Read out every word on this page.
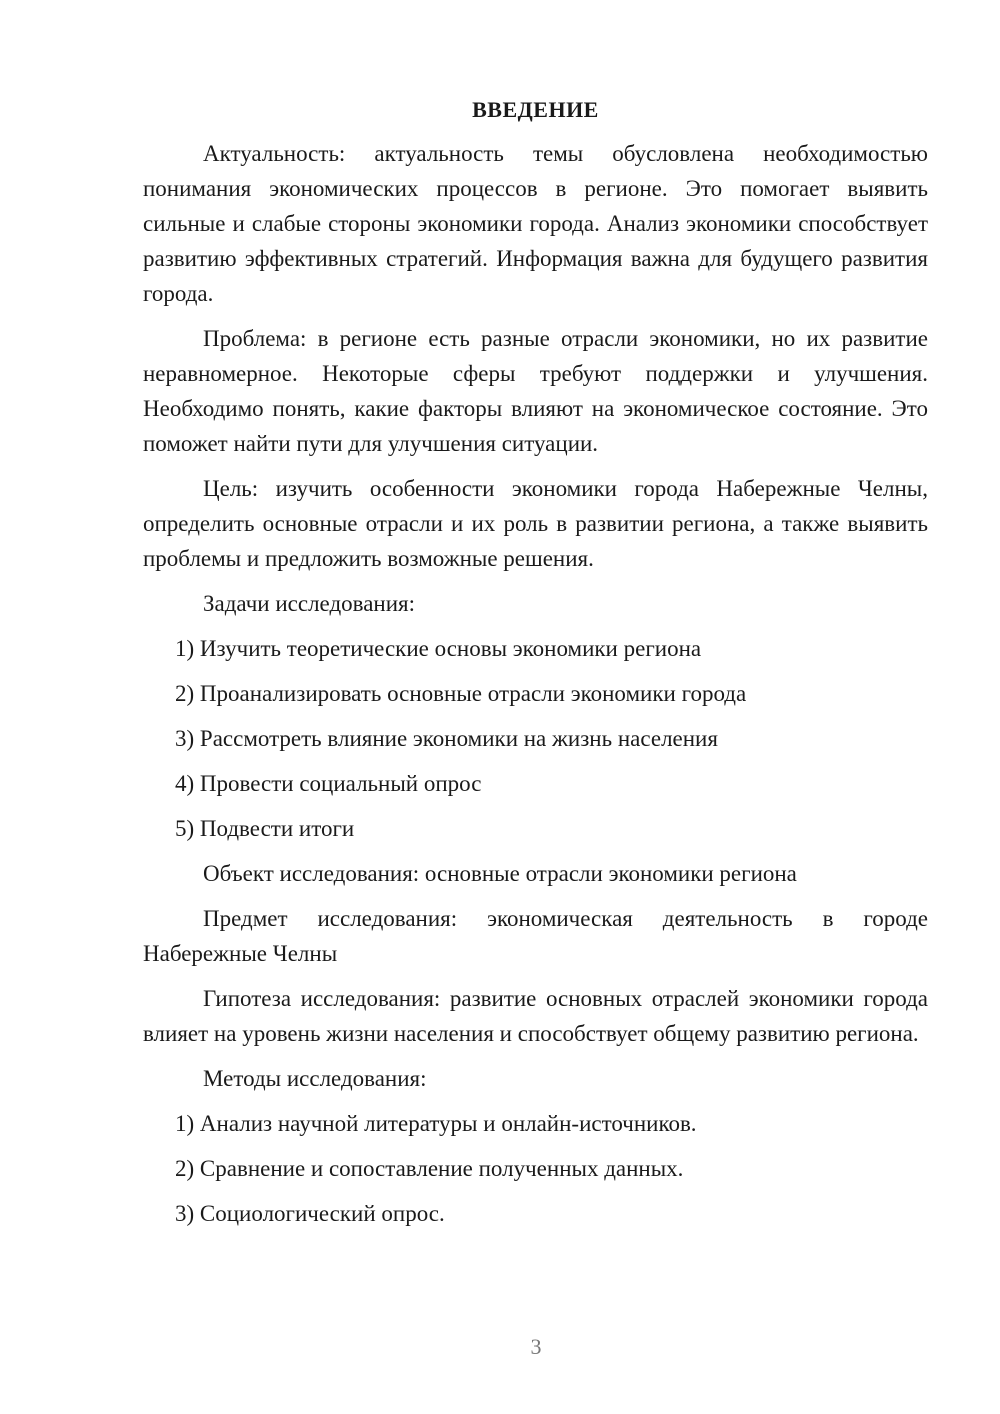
ВВЕДЕНИЕ

Актуальность: актуальность темы обусловлена необходимостью понимания экономических процессов в регионе. Это помогает выявить сильные и слабые стороны экономики города. Анализ экономики способствует развитию эффективных стратегий. Информация важна для будущего развития города.

Проблема: в регионе есть разные отрасли экономики, но их развитие неравномерное. Некоторые сферы требуют поддержки и улучшения. Необходимо понять, какие факторы влияют на экономическое состояние. Это поможет найти пути для улучшения ситуации.

Цель: изучить особенности экономики города Набережные Челны, определить основные отрасли и их роль в развитии региона, а также выявить проблемы и предложить возможные решения.

Задачи исследования:
1) Изучить теоретические основы экономики региона
2) Проанализировать основные отрасли экономики города
3) Рассмотреть влияние экономики на жизнь населения
4) Провести социальный опрос
5) Подвести итоги

Объект исследования: основные отрасли экономики региона

Предмет исследования: экономическая деятельность в городе Набережные Челны

Гипотеза исследования: развитие основных отраслей экономики города влияет на уровень жизни населения и способствует общему развитию региона.

Методы исследования:
1) Анализ научной литературы и онлайн-источников.
2) Сравнение и сопоставление полученных данных.
3) Социологический опрос.
3
